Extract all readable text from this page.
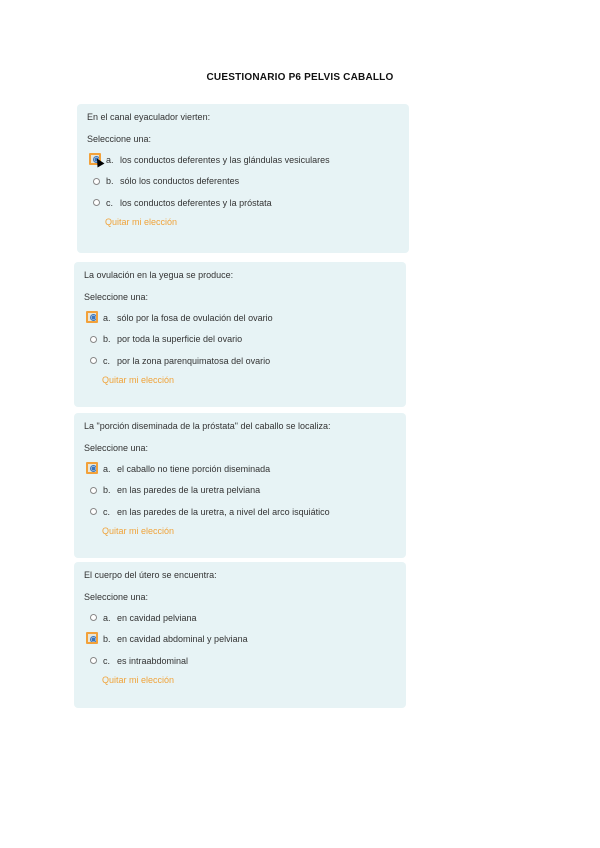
CUESTIONARIO P6 PELVIS CABALLO
En el canal eyaculador vierten:
Seleccione una:
a. los conductos deferentes y las glándulas vesiculares
b. sólo los conductos deferentes
c. los conductos deferentes y la próstata
Quitar mi elección
La ovulación en la yegua se produce:
Seleccione una:
a. sólo por la fosa de ovulación del ovario
b. por toda la superficie del ovario
c. por la zona parenquimatosa del ovario
Quitar mi elección
La "porción diseminada de la próstata" del caballo se localiza:
Seleccione una:
a. el caballo no tiene porción diseminada
b. en las paredes de la uretra pelviana
c. en las paredes de la uretra, a nivel del arco isquiático
Quitar mi elección
El cuerpo del útero se encuentra:
Seleccione una:
a. en cavidad pelviana
b. en cavidad abdominal y pelviana
c. es intraabdominal
Quitar mi elección
